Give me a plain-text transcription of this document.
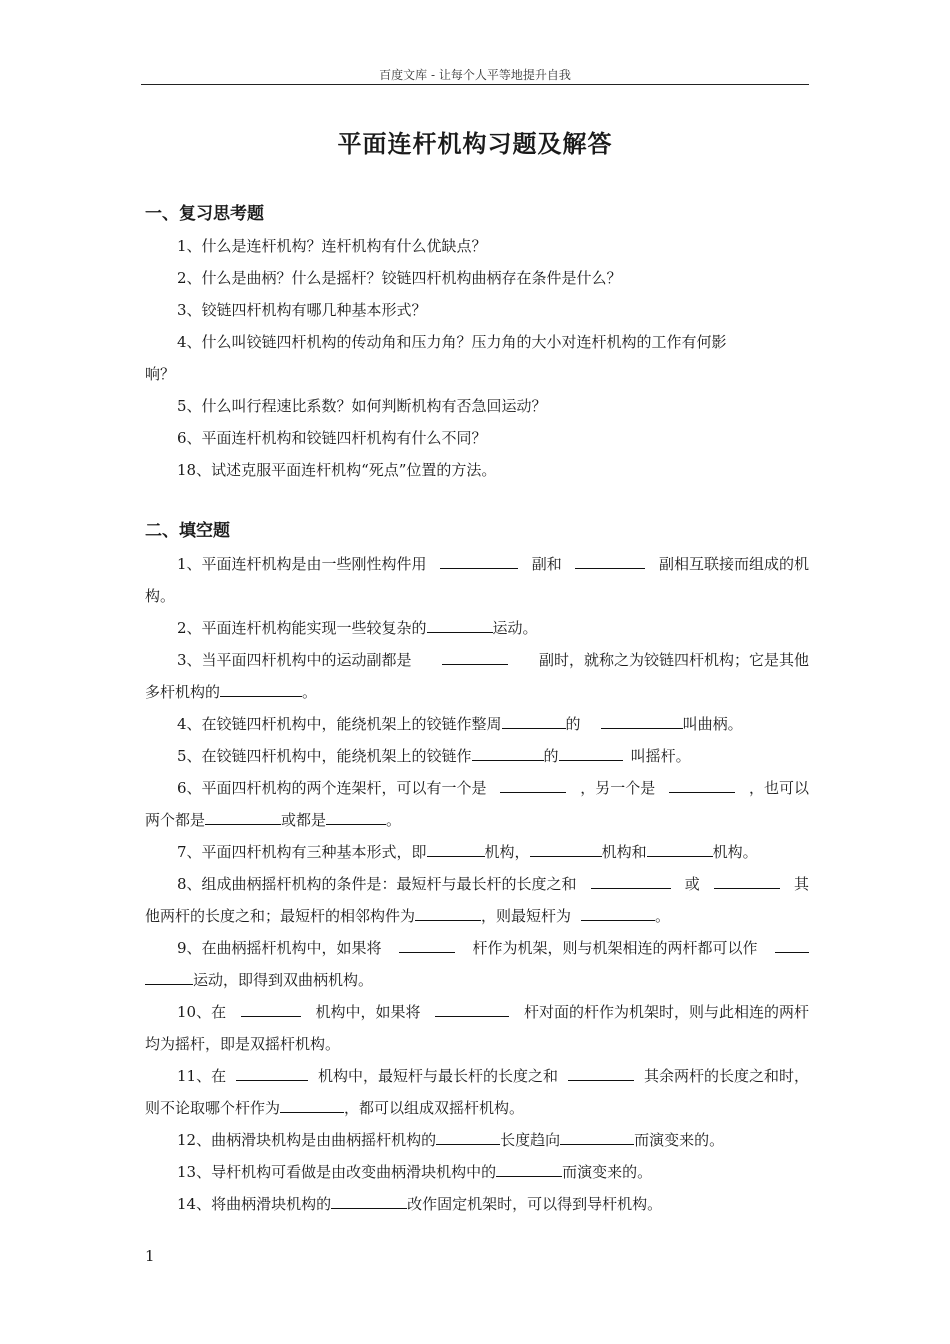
百度文库 - 让每个人平等地提升自我
平面连杆机构习题及解答
一、复习思考题
1、什么是连杆机构？连杆机构有什么优缺点？
2、什么是曲柄？什么是摇杆？铰链四杆机构曲柄存在条件是什么？
3、铰链四杆机构有哪几种基本形式？
4、什么叫铰链四杆机构的传动角和压力角？压力角的大小对连杆机构的工作有何影
响？
5、什么叫行程速比系数？如何判断机构有否急回运动？
6、平面连杆机构和铰链四杆机构有什么不同？
18、试述克服平面连杆机构“死点”位置的方法。
二、填空题
1、平面连杆机构是由一些刚性构件用	副和	副相互联接而组成的机
构。
2、平面连杆机构能实现一些较复杂的	运动。
3、当平面四杆机构中的运动副都是	副时，就称之为铰链四杆机构；它是其他
多杆机构的	。
4、在铰链四杆机构中，能绕机架上的铰链作整周	的	叫曲柄。
5、在铰链四杆机构中，能绕机架上的铰链作	的	叫摇杆。
6、平面四杆机构的两个连架杆，可以有一个是	，另一个是	，也可以
两个都是	或都是	。
7、平面四杆机构有三种基本形式，即	机构，	机构和	机构。
8、组成曲柄摇杆机构的条件是：最短杆与最长杆的长度之和	或	其
他两杆的长度之和；最短杆的相邻构件为	，则最短杆为	。
9、在曲柄摇杆机构中，如果将	杆作为机架，则与机架相连的两杆都可以作
运动，即得到双曲柄机构。
10、在	机构中，如果将	杆对面的杆作为机架时，则与此相连的两杆
均为摇杆，即是双摇杆机构。
11、在	机构中，最短杆与最长杆的长度之和	其余两杆的长度之和时，
则不论取哪个杆作为	，都可以组成双摇杆机构。
12、曲柄滑块机构是由曲柄摇杆机构的	长度趋向	而演变来的。
13、导杆机构可看做是由改变曲柄滑块机构中的	而演变来的。
14、将曲柄滑块机构的	改作固定机架时，可以得到导杆机构。
1
